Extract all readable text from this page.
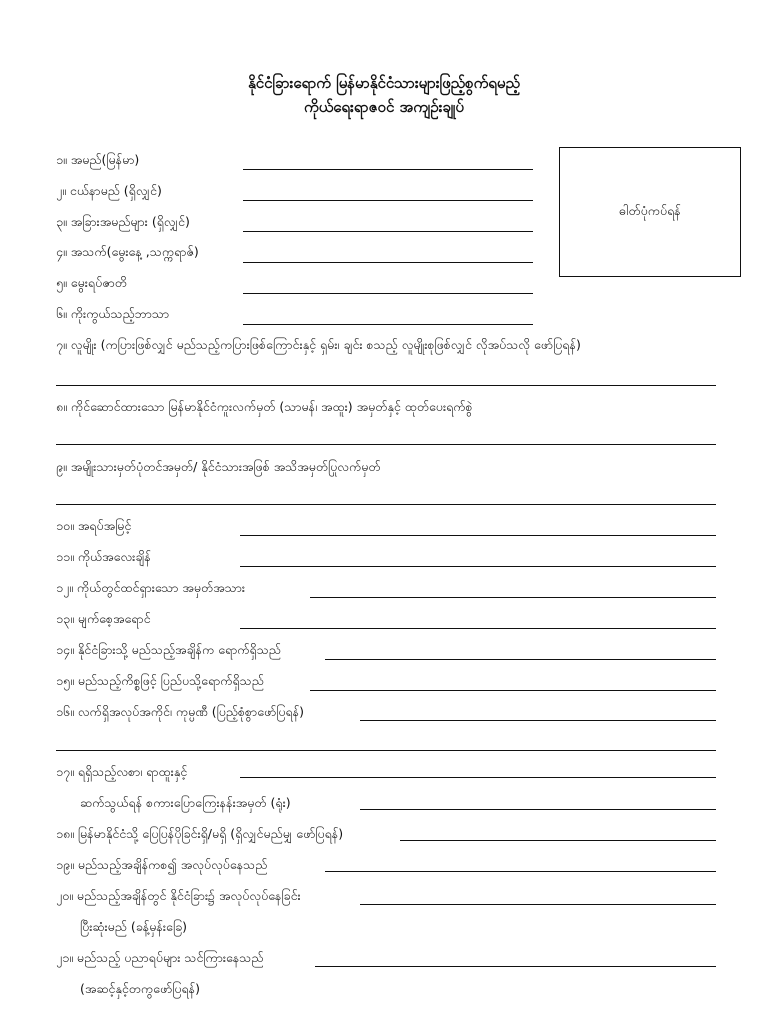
နိုင်ငံခြားရောက် မြန်မာနိုင်ငံသားများဖြည့်စွက်ရမည့်
ကိုယ်ရေးရာဇဝင် အကျဉ်းချုပ်
ဓါတ်ပုံကပ်ရန်
၁။ အမည်(မြန်မာ)
၂။ ငယ်နာမည် (ရှိလျှင်)
၃။ အခြားအမည်များ (ရှိလျှင်)
၄။ အသက်(မွေးနေ့ ,သက္ကရာဇ်)
၅။ မွေးရပ်ဇာတိ
၆။ ကိုးကွယ်သည့်ဘာသာ
၇။ လူမျိုး (ကပြားဖြစ်လျှင် မည်သည့်ကပြားဖြစ်ကြောင်းနှင့် ရှမ်း၊ ချင်း စသည့် လူမျိုးစုဖြစ်လျှင် လိုအပ်သလို ဖော်ပြရန်)
၈။ ကိုင်ဆောင်ထားသော မြန်မာနိုင်ငံကူးလက်မှတ် (သာမန်၊ အထူး) အမှတ်နှင့် ထုတ်ပေးရက်စွဲ
၉။ အမျိုးသားမှတ်ပုံတင်အမှတ်/ နိုင်ငံသားအဖြစ် အသိအမှတ်ပြုလက်မှတ်
၁၀။ အရပ်အမြင့်
၁၁။ ကိုယ်အလေးချိန်
၁၂။ ကိုယ်တွင်ထင်ရှားသော အမှတ်အသား
၁၃။ မျက်စေ့အရောင်
၁၄။ နိုင်ငံခြားသို့ မည်သည့်အချိန်က ရောက်ရှိသည်
၁၅။ မည်သည့်ကိစ္စဖြင့် ပြည်ပသို့ရောက်ရှိသည်
၁၆။ လက်ရှိအလုပ်အကိုင်၊ ကုမ္ပဏီ (ပြည့်စုံစွာဖော်ပြရန်)
၁၇။ ရရှိသည့်လစာ၊ ရာထူးနှင့်
ဆက်သွယ်ရန် စကားပြောကြေးနန်းအမှတ် (ရုံး)
၁၈။ မြန်မာနိုင်ငံသို့ ပြေပြန်ပိုခြင်းရှိ/မရှိ (ရှိလျှင်မည်မျှ ဖော်ပြရန်)
၁၉။ မည်သည့်အချိန်ကစ၍ အလုပ်လုပ်နေသည်
၂၀။ မည်သည့်အချိန်တွင် နိုင်ငံခြား၌ အလုပ်လုပ်နေခြင်း
ပြီးဆုံးမည် (ခန့်မှန်းခြေ)
၂၁။ မည်သည့် ပညာရပ်များ သင်ကြားနေသည်
(အဆင့်နှင့်တကွဖော်ပြရန်)
